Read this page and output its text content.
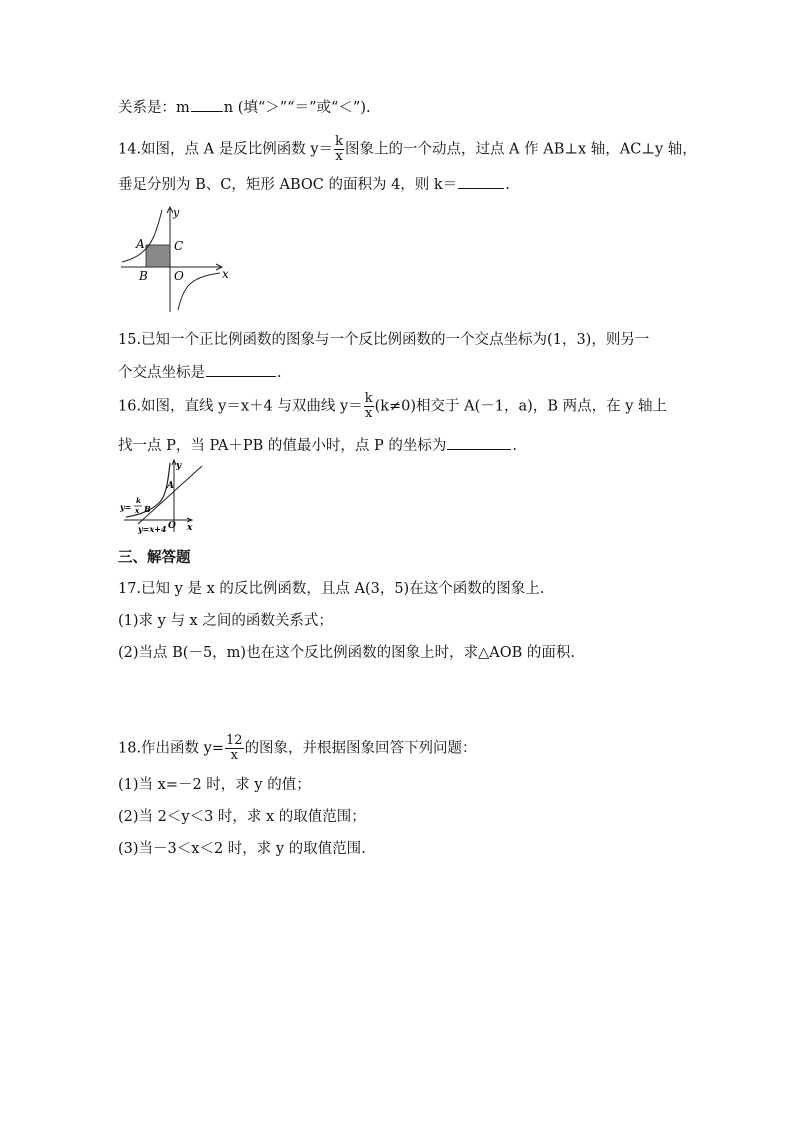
关系是：m n (填“＞”“＝”或“＜”).
14.如图，点 A 是反比例函数 $y= \frac{k}{x}$ 图象上的一个动点，过点 A 作 AB⊥x 轴，AC⊥y 轴，
垂足分别为 B、C，矩形 ABOC 的面积为 4，则 k＝	.
y
x
A C
B O
15.已知一个正比例函数的图象与一个反比例函数的一个交点坐标为(1，3)，则另一
个交点坐标是	.
16.如图，直线 y＝x＋4 与双曲线 $y= \frac{k}{x} (k\ne 0)$相交于 A(－1，a)，B 两点，在 y 轴上
找一点 P，当 PA＋PB 的值最小时，点 P 的坐标为	.
y
x
A
O
B
y=
k
x
y=x+4
三、解答题
17.已知 y 是 x 的反比例函数，且点 A(3，5)在这个函数的图象上.
(1)求 y 与 x 之间的函数关系式；
(2)当点 B(－5，m)也在这个反比例函数的图象上时，求△AOB 的面积.
18.作出函数 $y= \frac{12}{x}$ 的图象，并根据图象回答下列问题：
(1)当 x=－2 时，求 y 的值；
(2)当 2＜y＜3 时，求 x 的取值范围；
(3)当－3＜x＜2 时，求 y 的取值范围.
